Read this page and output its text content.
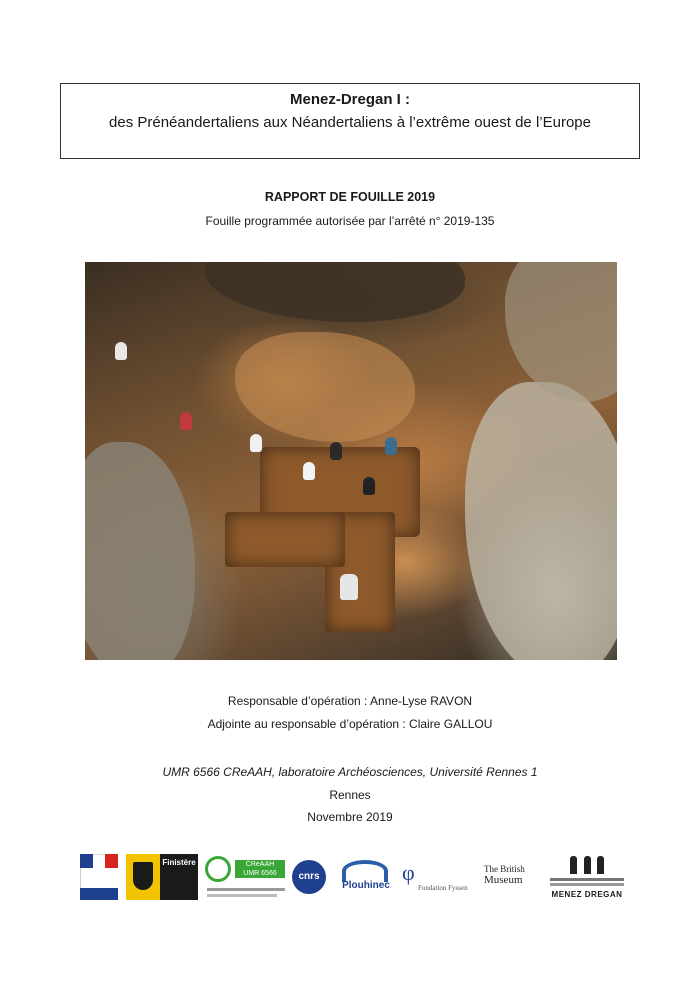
Menez-Dregan I :
des Prénéandertaliens aux Néandertaliens à l’extrême ouest de l’Europe
RAPPORT DE FOUILLE 2019
Fouille programmée autorisée par l’arrêté n° 2019-135
Responsable d’opération : Anne-Lyse RAVON
Adjointe au responsable d’opération : Claire GALLOU
UMR 6566 CReAAH, laboratoire Archéosciences, Université Rennes 1
Rennes
Novembre 2019
Finistère	CReAAH
UMR 6566	cnrs
Plouhinec
φ
Fondation Fyssen
The British
Museum
MENEZ DREGAN
